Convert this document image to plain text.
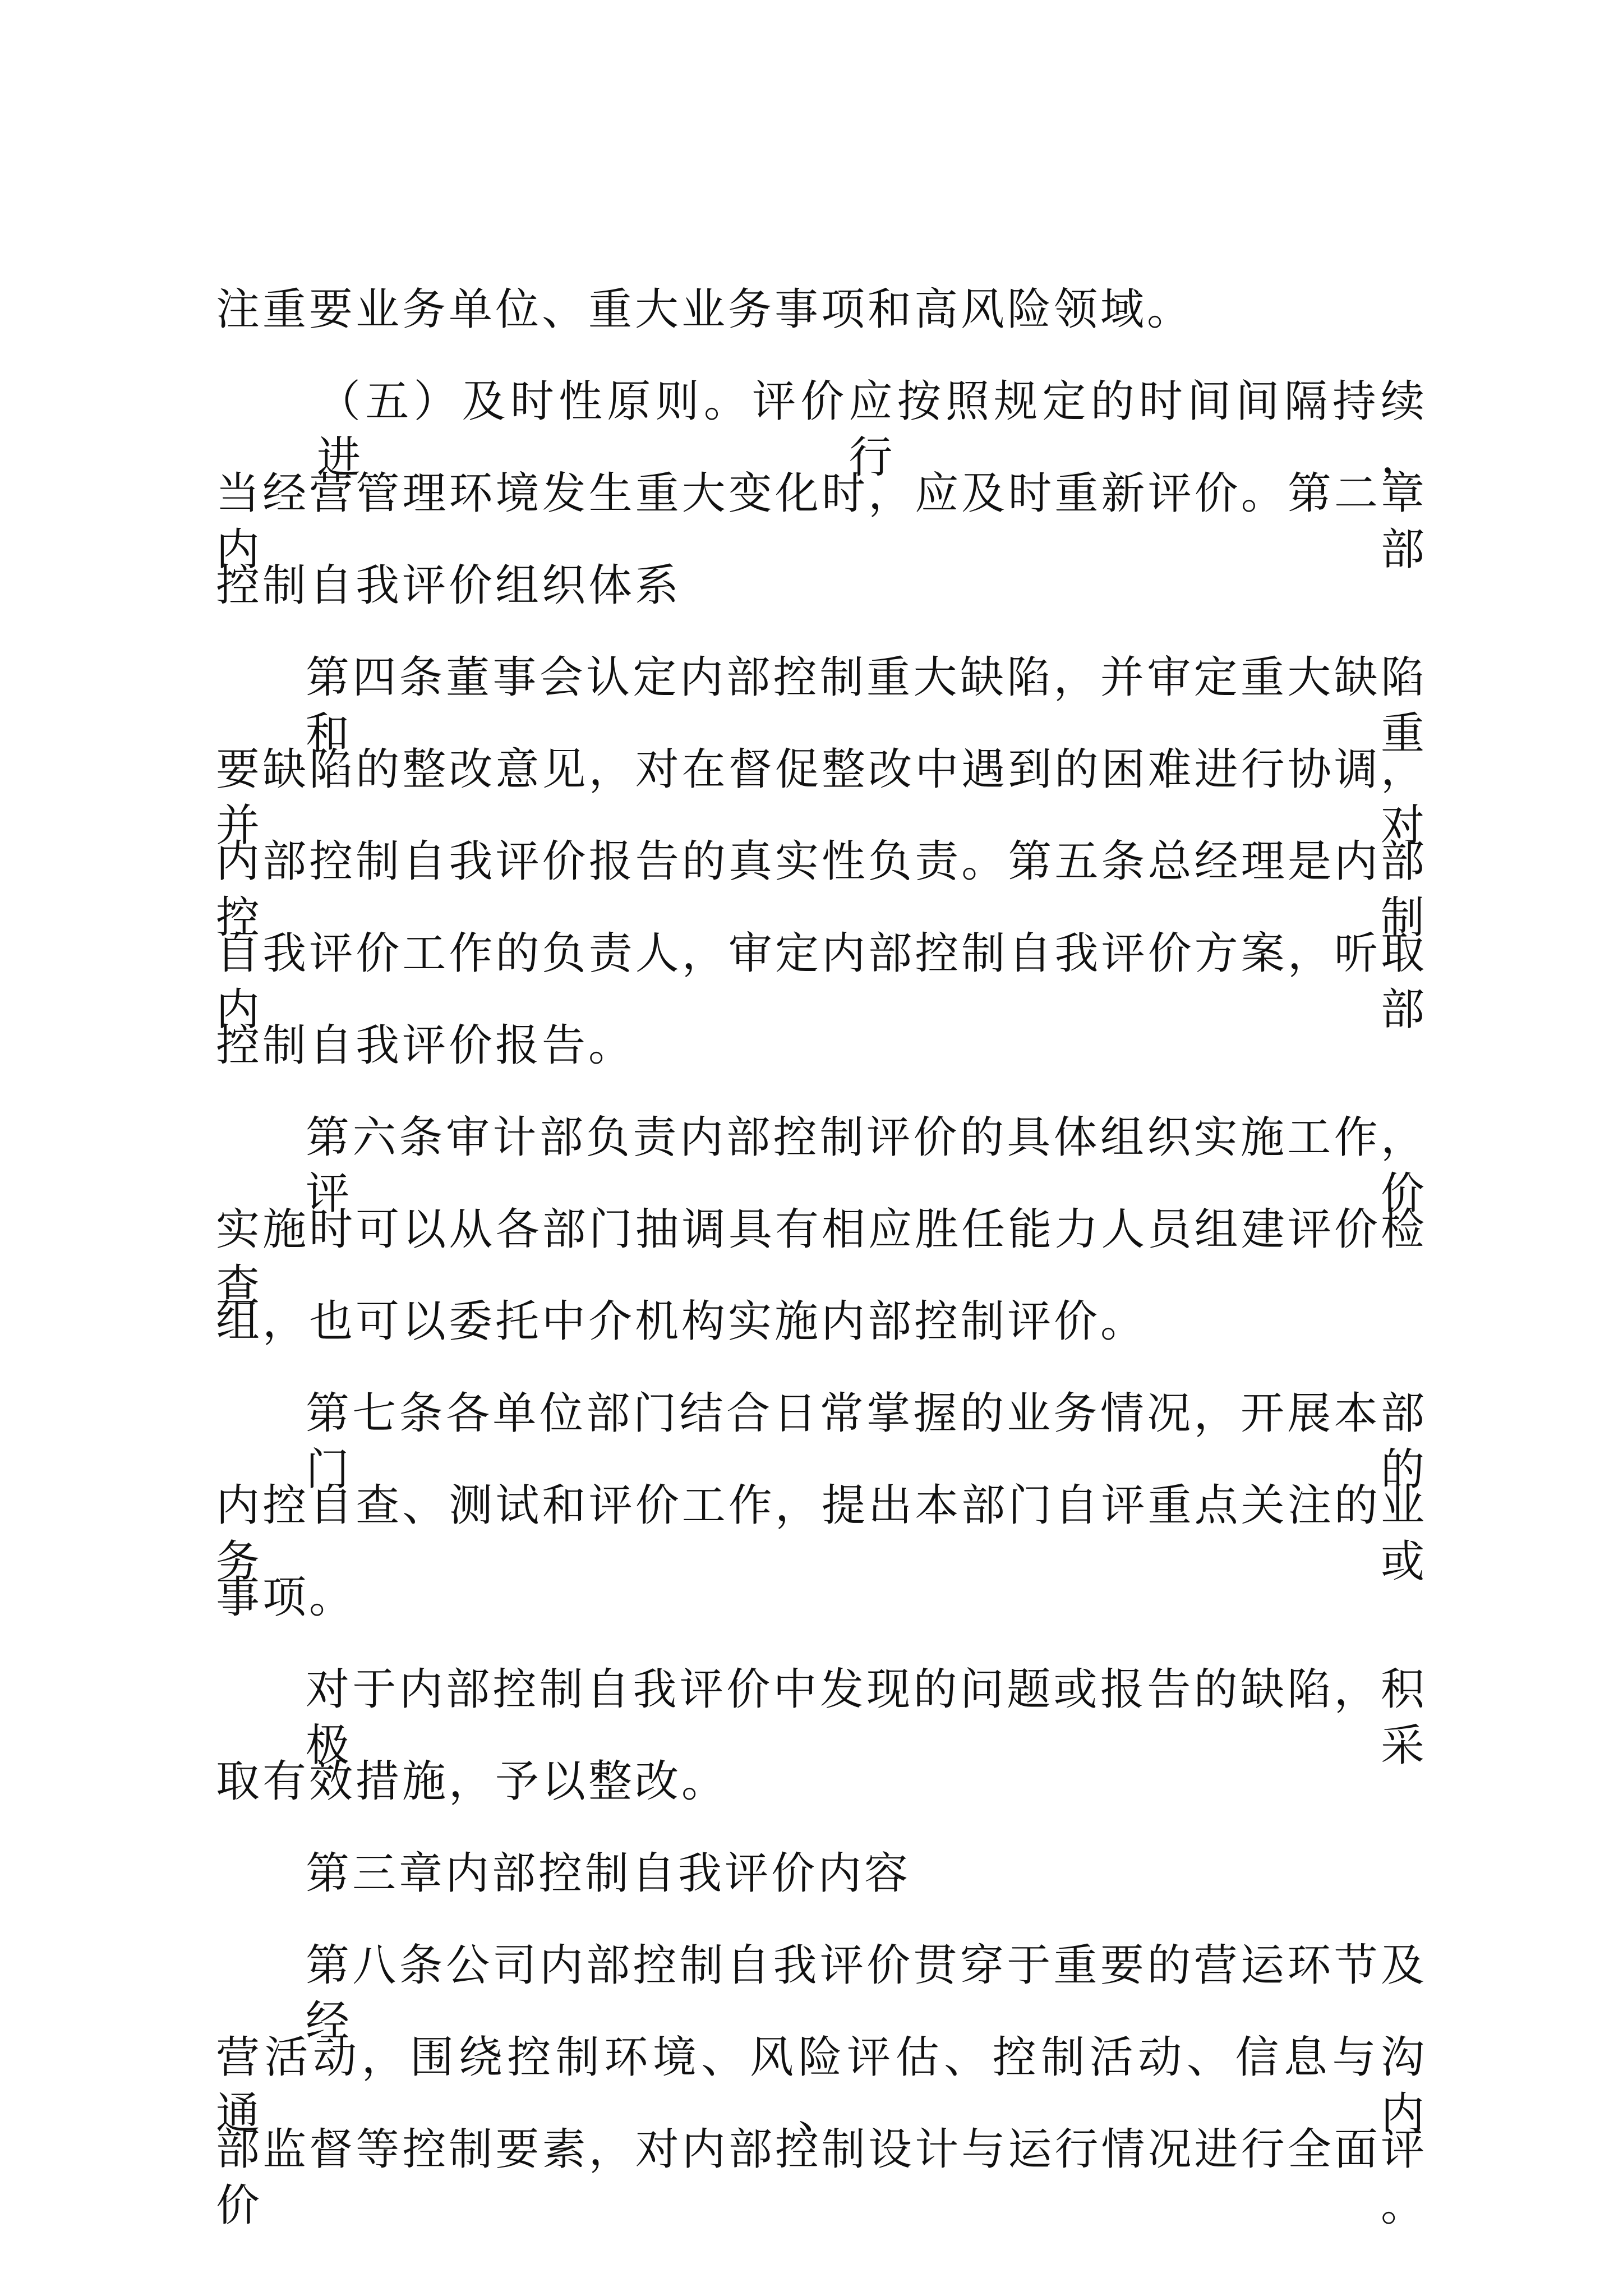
注重要业务单位、重大业务事项和高风险领域。
（五）及时性原则。评价应按照规定的时间间隔持续进行，
当经营管理环境发生重大变化时，应及时重新评价。第二章内部
控制自我评价组织体系
第四条董事会认定内部控制重大缺陷，并审定重大缺陷和重
要缺陷的整改意见，对在督促整改中遇到的困难进行协调，并对
内部控制自我评价报告的真实性负责。第五条总经理是内部控制
自我评价工作的负责人，审定内部控制自我评价方案，听取内部
控制自我评价报告。
第六条审计部负责内部控制评价的具体组织实施工作，评价
实施时可以从各部门抽调具有相应胜任能力人员组建评价检查
组，也可以委托中介机构实施内部控制评价。
第七条各单位部门结合日常掌握的业务情况，开展本部门的
内控自查、测试和评价工作，提出本部门自评重点关注的业务或
事项。
对于内部控制自我评价中发现的问题或报告的缺陷，积极采
取有效措施，予以整改。
第三章内部控制自我评价内容
第八条公司内部控制自我评价贯穿于重要的营运环节及经
营活动，围绕控制环境、风险评估、控制活动、信息与沟通、内
部监督等控制要素，对内部控制设计与运行情况进行全面评价。
